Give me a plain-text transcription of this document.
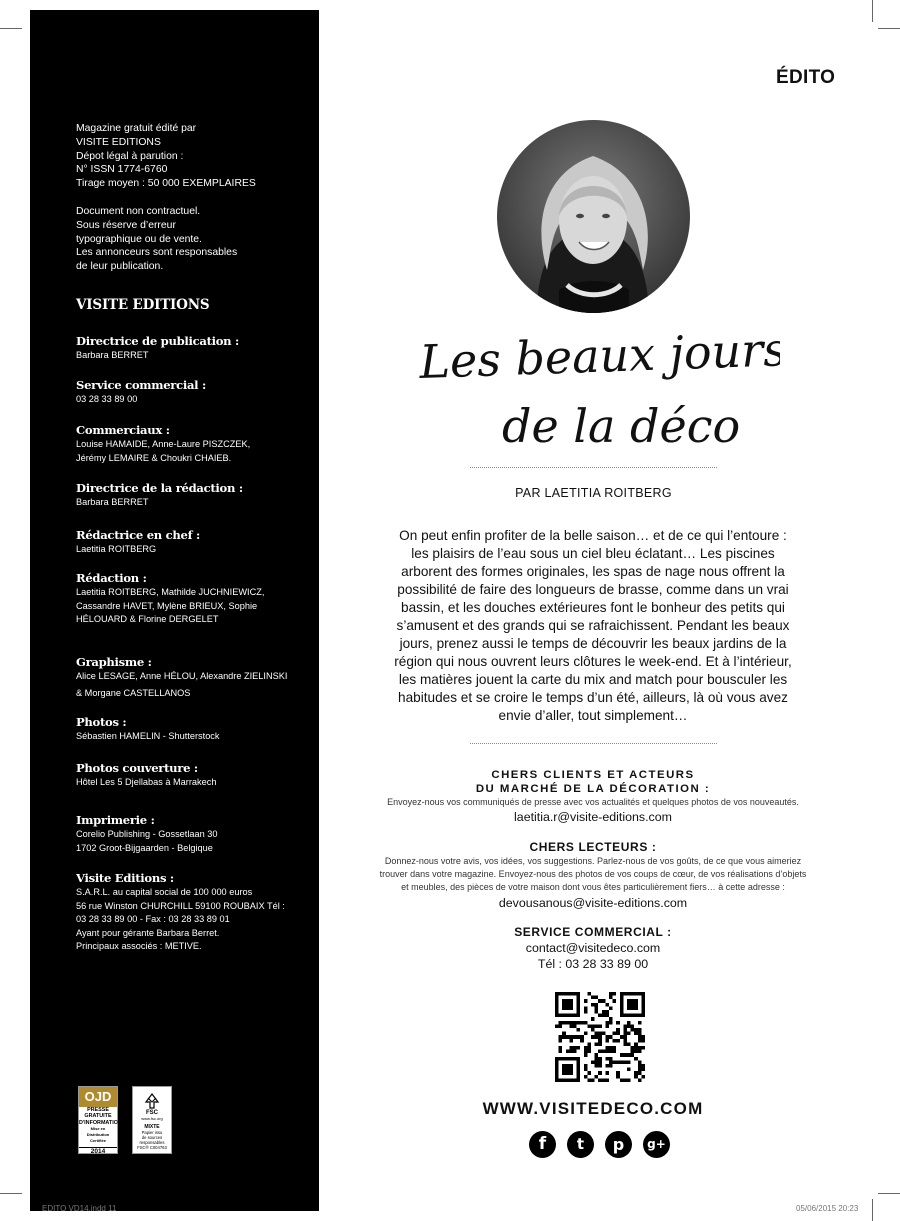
Magazine gratuit édité par
VISITE EDITIONS
Dépot légal à parution :
N° ISSN 1774-6760
Tirage moyen : 50 000 EXEMPLAIRES

Document non contractuel.
Sous réserve d’erreur
typographique ou de vente.
Les annonceurs sont responsables
de leur publication.

VISITE EDITIONS
Directrice de publication :
Barbara BERRET
Service commercial :
03 28 33 89 00
Commerciaux :
Louise HAMAIDE, Anne-Laure PISZCZEK,
Jérémy LEMAIRE & Choukri CHAIEB.
Directrice de la rédaction :
Barbara BERRET
Rédactrice en chef :
Laetitia ROITBERG
Rédaction :
Laetitia ROITBERG, Mathilde JUCHNIEWICZ,
Cassandre HAVET, Mylène BRIEUX, Sophie
HÉLOUARD & Florine DERGELET
Graphisme :
Alice LESAGE, Anne HÉLOU, Alexandre ZIELINSKI
& Morgane CASTELLANOS
Photos :
Sébastien HAMELIN - Shutterstock
Photos couverture :
Hôtel Les 5 Djellabas à Marrakech
Imprimerie :
Corelio Publishing - Gossetlaan 30
1702 Groot-Bijgaarden - Belgique
Visite Editions :
S.A.R.L. au capital social de 100 000 euros
56 rue Winston CHURCHILL 59100 ROUBAIX Tél :
03 28 33 89 00 - Fax : 03 28 33 89 01
Ayant pour gérante Barbara Berret.
Principaux associés : METIVE.
OJD
PRESSE
GRATUITE
D'INFORMATION
Mise en Distribution
Certifiée
2014
FSC
www.fsc.org
MIXTE
Papier issu
de sources
responsables
FSC® C004763
ÉDITO
Les beaux jours
de la déco
PAR LAETITIA ROITBERG
On peut enfin profiter de la belle saison… et de ce qui l’entoure :
les plaisirs de l’eau sous un ciel bleu éclatant… Les piscines
arborent des formes originales, les spas de nage nous offrent la
possibilité de faire des longueurs de brasse, comme dans un vrai
bassin, et les douches extérieures font le bonheur des petits qui
s’amusent et des grands qui se rafraichissent. Pendant les beaux
jours, prenez aussi le temps de découvrir les beaux jardins de la
région qui nous ouvrent leurs clôtures le week-end. Et à l’intérieur,
les matières jouent la carte du mix and match pour bousculer les
habitudes et se croire le temps d’un été, ailleurs, là où vous avez
envie d’aller, tout simplement…
CHERS CLIENTS ET ACTEURS
DU MARCHÉ DE LA DÉCORATION :
Envoyez-nous vos communiqués de presse avec vos actualités et quelques photos de vos nouveautés.
laetitia.r@visite-editions.com
CHERS LECTEURS :
Donnez-nous votre avis, vos idées, vos suggestions. Parlez-nous de vos goûts, de ce que vous aimeriez
trouver dans votre magazine. Envoyez-nous des photos de vos coups de cœur, de vos réalisations d’objets
et meubles, des pièces de votre maison dont vous êtes particulièrement fiers… à cette adresse :
devousanous@visite-editions.com
SERVICE COMMERCIAL :
contact@visitedeco.com
Tél : 03 28 33 89 00
WWW.VISITEDECO.COM
f	t	p	g+
EDITO VD14.indd 11	05/06/2015 20:23
